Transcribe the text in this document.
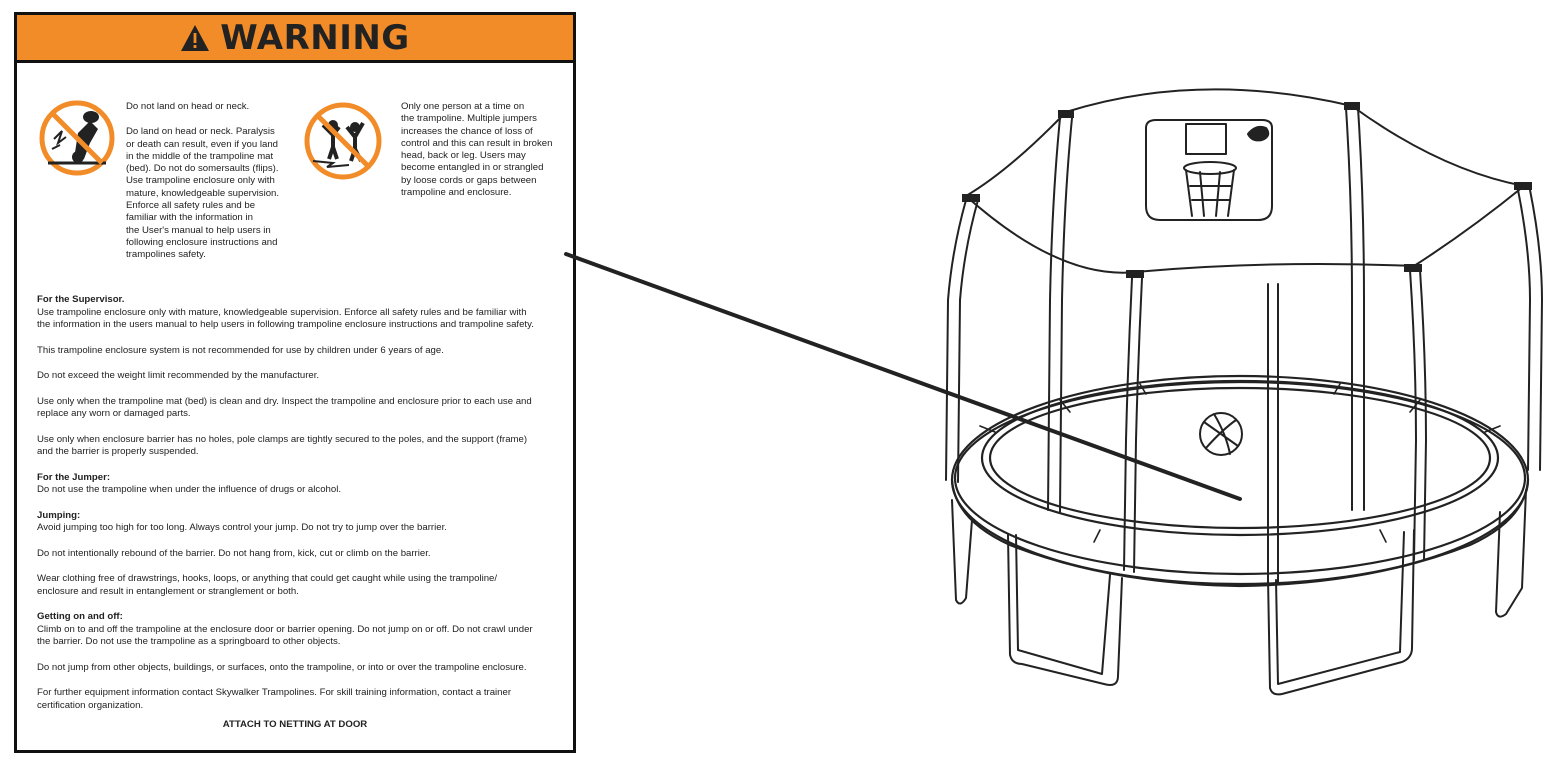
WARNING

Do not land on head or neck.

Do land on head or neck. Paralysis

or death can result, even if you land

in the middle of the trampoline mat

(bed). Do not do somersaults (flips).

Use trampoline enclosure only with

mature, knowledgeable supervision.

Enforce all safety rules and be

familiar with the information in

the User's manual to help users in

following enclosure instructions and

trampolines safety.

Only one person at a time on

the trampoline. Multiple jumpers

increases the chance of loss of

control and this can result in broken

head, back or leg. Users may

become entangled in or strangled

by loose cords or gaps between

trampoline and enclosure.

For the Supervisor.

Use trampoline enclosure only with mature, knowledgeable supervision. Enforce all safety rules and be familiar with

the information in the users manual to help users in following trampoline enclosure instructions and trampoline safety.

This trampoline enclosure system is not recommended for use by children under 6 years of age.

Do not exceed the weight limit recommended by the manufacturer.

Use only when the trampoline mat (bed) is clean and dry. Inspect the trampoline and enclosure prior to each use and

replace any worn or damaged parts.

Use only when enclosure barrier has no holes, pole clamps are tightly secured to the poles, and the support (frame)

and the barrier is properly suspended.

For the Jumper:

Do not use the trampoline when under the influence of drugs or alcohol.

Jumping:

Avoid jumping too high for too long. Always control your jump. Do not try to jump over the barrier.

Do not intentionally rebound of the barrier. Do not hang from, kick, cut or climb on the barrier.

Wear clothing free of drawstrings, hooks, loops, or anything that could get caught while using the trampoline/

enclosure and result in entanglement or stranglement or both.

Getting on and off:

Climb on to and off the trampoline at the enclosure door or barrier opening. Do not jump on or off. Do not crawl under

the barrier. Do not use the trampoline as a springboard to other objects.

Do not jump from other objects, buildings, or surfaces, onto the trampoline, or into or over the trampoline enclosure.

For further equipment information contact Skywalker Trampolines. For skill training information, contact a trainer

certification organization.

ATTACH TO NETTING AT DOOR
